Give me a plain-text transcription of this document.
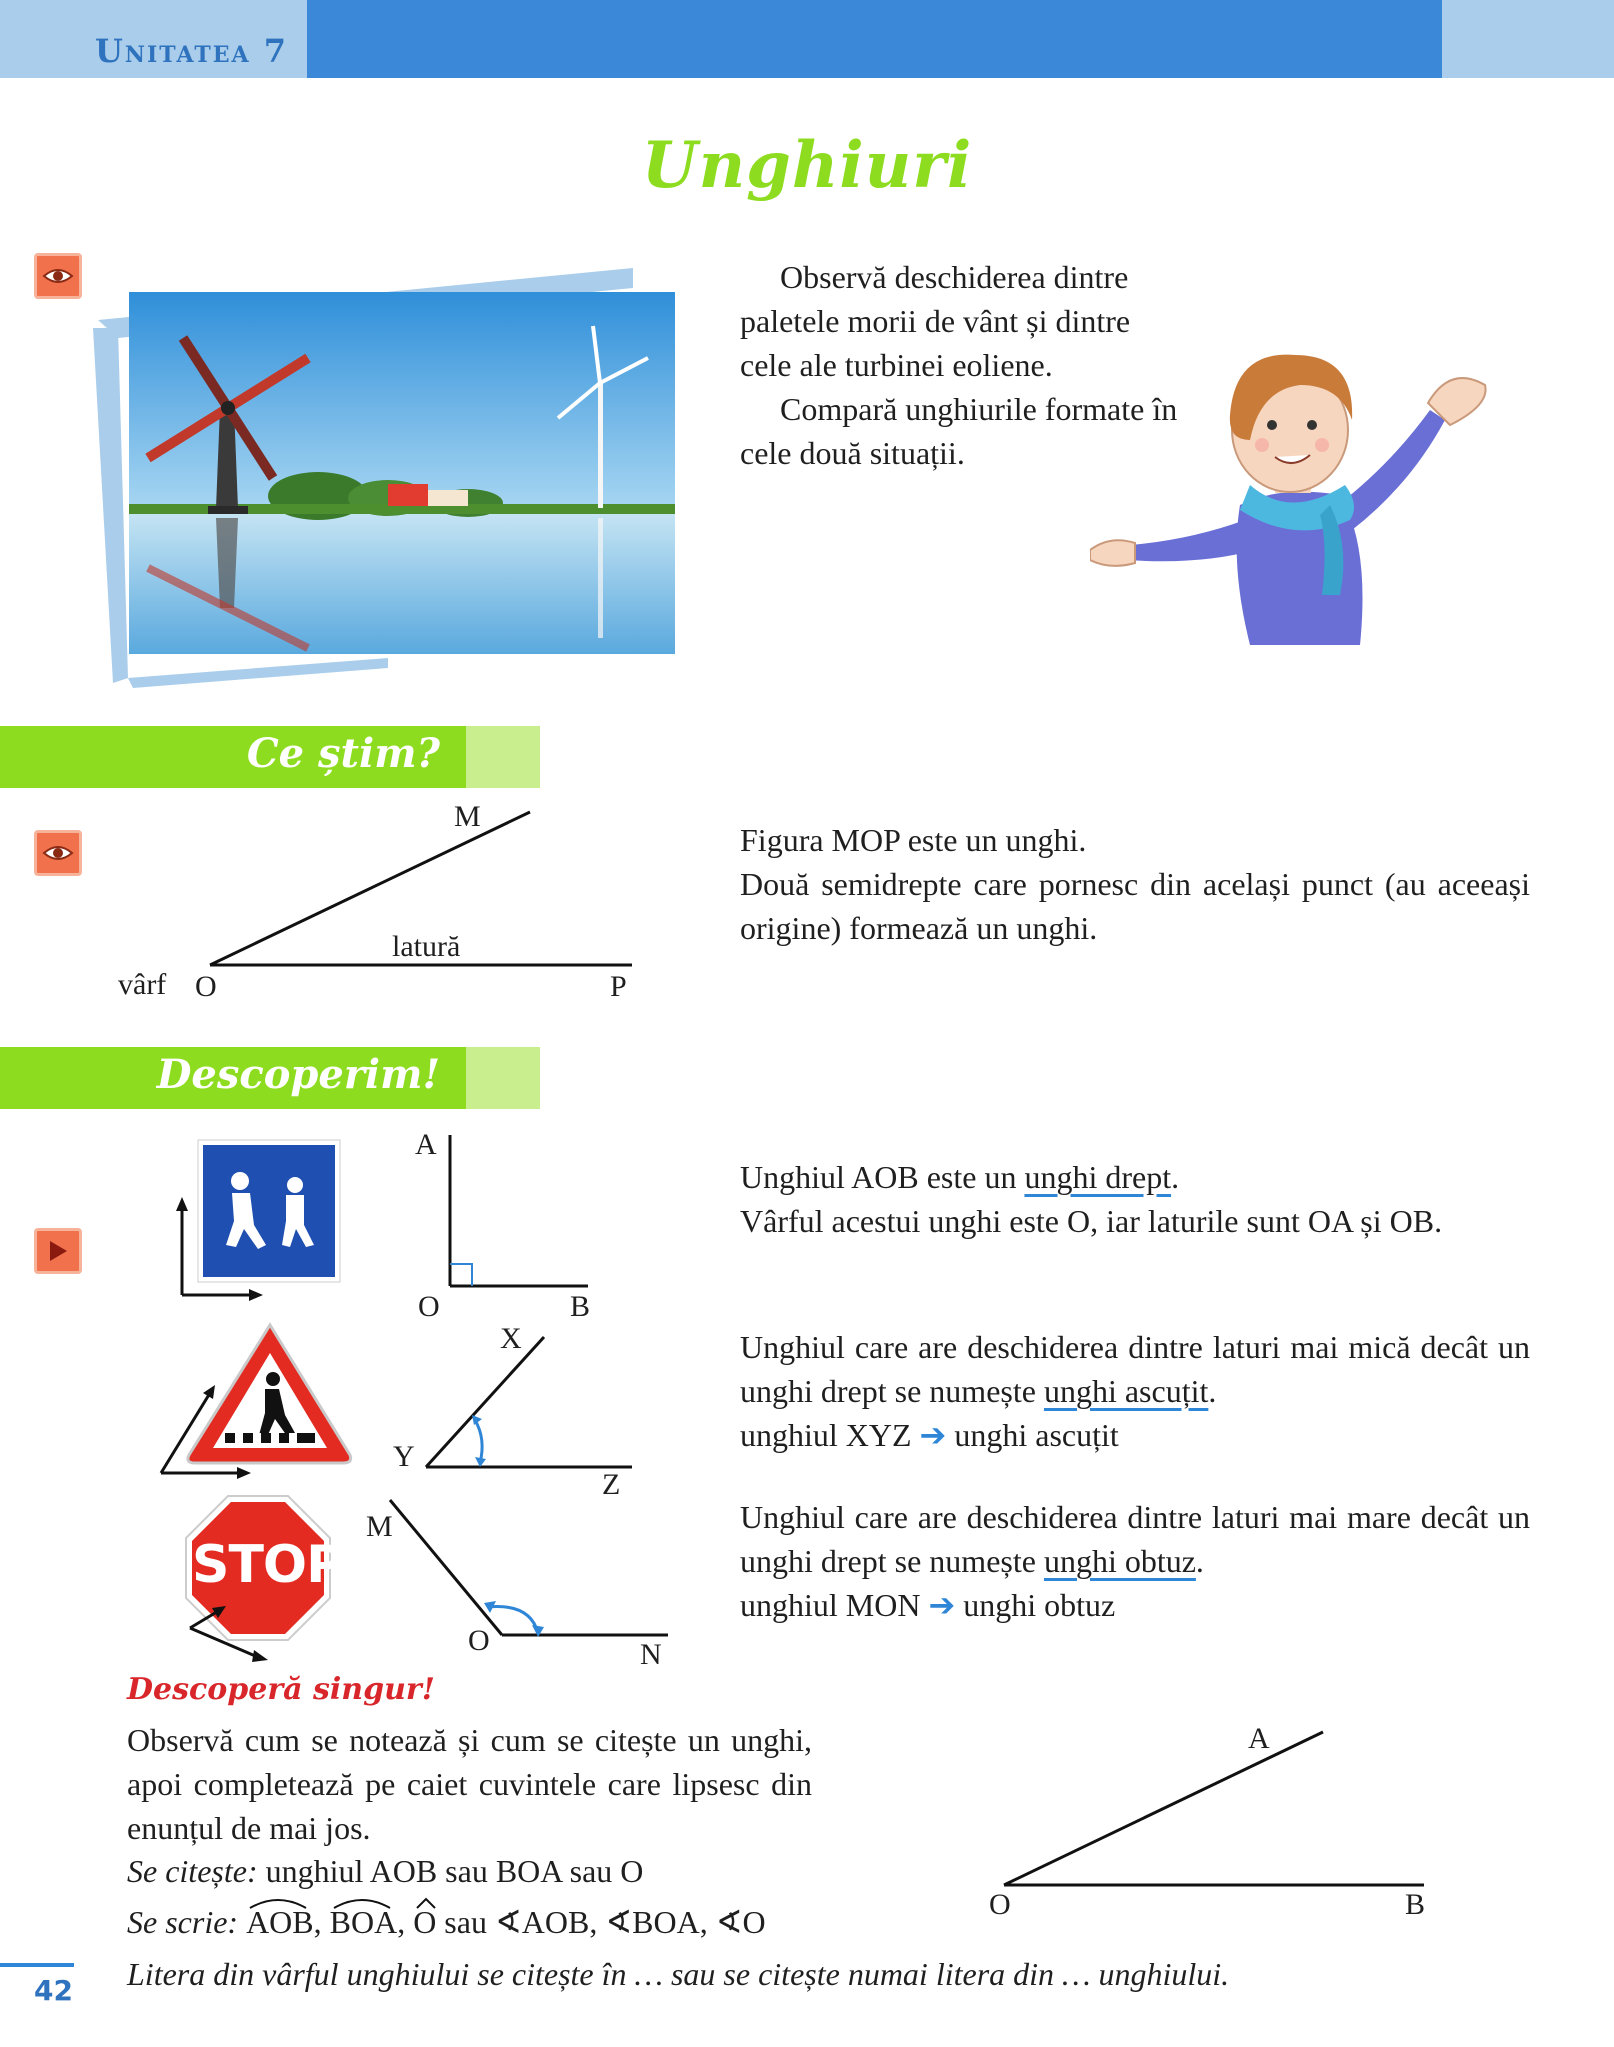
Unitatea 7
Unghiuri

Observă deschiderea dintre paletele morii de vânt și dintre cele ale turbinei eoliene.

Compară unghiurile formate în cele două situații.

Ce știm?
M
latură
vârf O	P

Figura MOP este un unghi.

Două semidrepte care pornesc din același punct (au aceeași origine) formează un unghi.

Descoperim!
A
O	B
X
Y
Z
STOP
M
O	N

Unghiul AOB este un unghi drept.

Vârful acestui unghi este O, iar laturile sunt OA și OB.

Unghiul care are deschiderea dintre laturi mai mică decât un unghi drept se numește unghi ascuțit.

unghiul XYZ ➔ unghi ascuțit

Unghiul care are deschiderea dintre laturi mai mare decât un unghi drept se numește unghi obtuz.

unghiul MON ➔ unghi obtuz

Descoperă singur!
Observă cum se notează și cum se citește un unghi, apoi completează pe caiet cuvintele care lipsesc din enunțul de mai jos.
Se citește: unghiul AOB sau BOA sau O
Se scrie: AOB,
BOA,
O sau ∢AOB, ∢BOA, ∢O
Litera din vârful unghiului se citește în … sau se citește numai litera din … unghiului.
A
O	B
42
